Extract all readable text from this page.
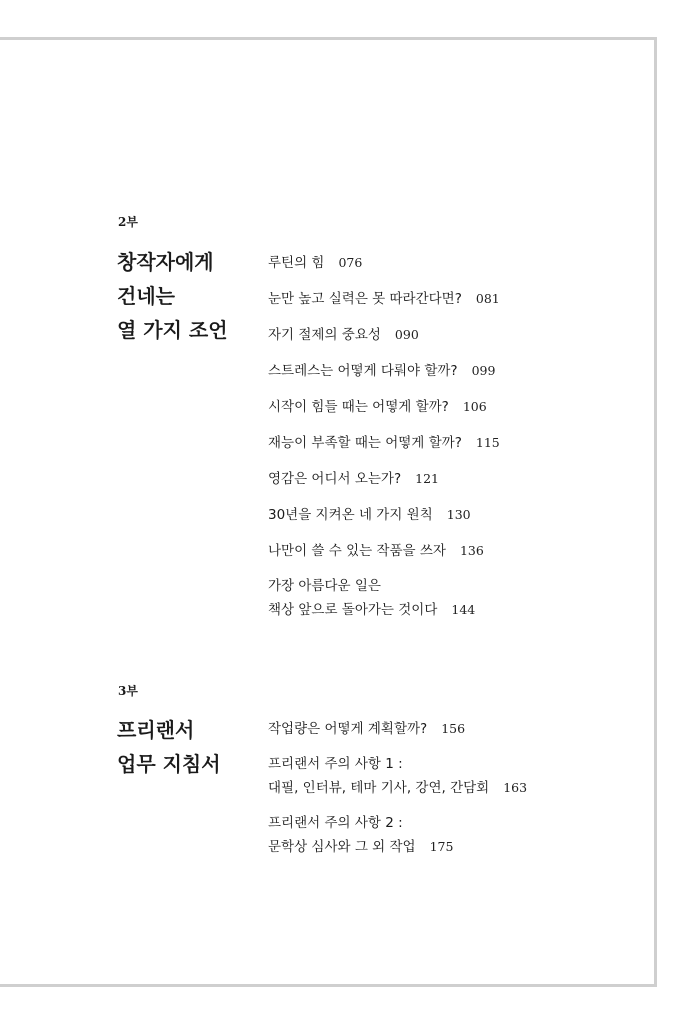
2부

창작자에게
건네는
열 가지 조언
루틴의 힘 076
눈만 높고 실력은 못 따라간다면? 081
자기 절제의 중요성 090
스트레스는 어떻게 다뤄야 할까? 099
시작이 힘들 때는 어떻게 할까? 106
재능이 부족할 때는 어떻게 할까? 115
영감은 어디서 오는가? 121
30년을 지켜온 네 가지 원칙 130
나만이 쓸 수 있는 작품을 쓰자 136
가장 아름다운 일은
책상 앞으로 돌아가는 것이다 144

3부

프리랜서
업무 지침서
작업량은 어떻게 계획할까? 156
프리랜서 주의 사항 1 :
대필, 인터뷰, 테마 기사, 강연, 간담회 163
프리랜서 주의 사항 2 :
문학상 심사와 그 외 작업 175
